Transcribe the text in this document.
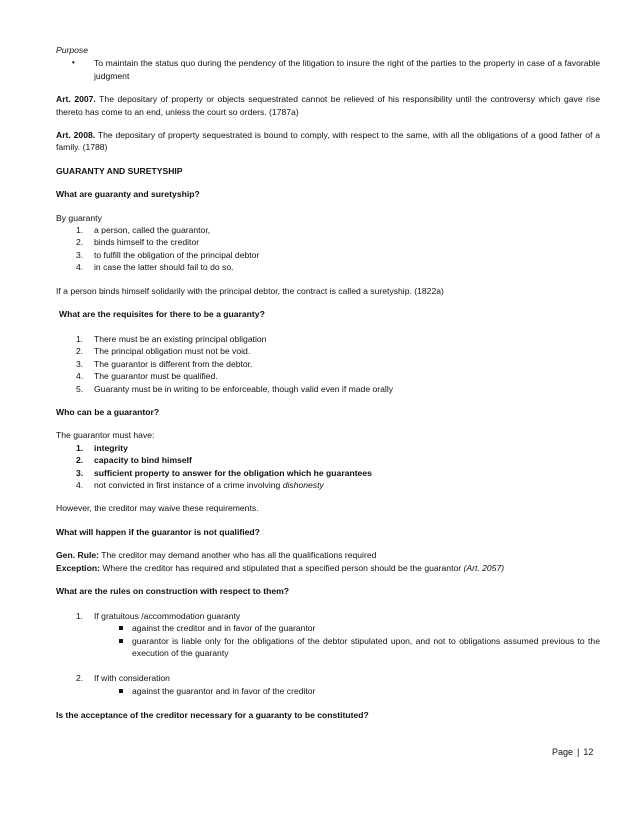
Purpose

• To maintain the status quo during the pendency of the litigation to insure the right of the parties to the property in case of a favorable judgment

Art. 2007. The depositary of property or objects sequestrated cannot be relieved of his responsibility until the controversy which gave rise thereto has come to an end, unless the court so orders. (1787a)

Art. 2008. The depositary of property sequestrated is bound to comply, with respect to the same, with all the obligations of a good father of a family. (1788)

GUARANTY AND SURETYSHIP

What are guaranty and suretyship?

By guaranty

1. a person, called the guarantor,

2. binds himself to the creditor

3. to fulfill the obligation of the principal debtor

4. in case the latter should fail to do so.

If a person binds himself solidarily with the principal debtor, the contract is called a suretyship. (1822a)

What are the requisites for there to be a guaranty?

1. There must be an existing principal obligation

2. The principal obligation must not be void.

3. The guarantor is different from the debtor.

4. The guarantor must be qualified.

5. Guaranty must be in writing to be enforceable, though valid even if made orally

Who can be a guarantor?

The guarantor must have:

1. integrity

2. capacity to bind himself

3. sufficient property to answer for the obligation which he guarantees

4. not convicted in first instance of a crime involving dishonesty

However, the creditor may waive these requirements.

What will happen if the guarantor is not qualified?

Gen. Rule: The creditor may demand another who has all the qualifications required

Exception: Where the creditor has required and stipulated that a specified person should be the guarantor (Art. 2057)

What are the rules on construction with respect to them?

1. If gratuitous /accommodation guaranty

against the creditor and in favor of the guarantor

guarantor is liable only for the obligations of the debtor stipulated upon, and not to obligations assumed previous to the execution of the guaranty

2. If with consideration

against the guarantor and in favor of the creditor

Is the acceptance of the creditor necessary for a guaranty to be constituted?

Page | 12
